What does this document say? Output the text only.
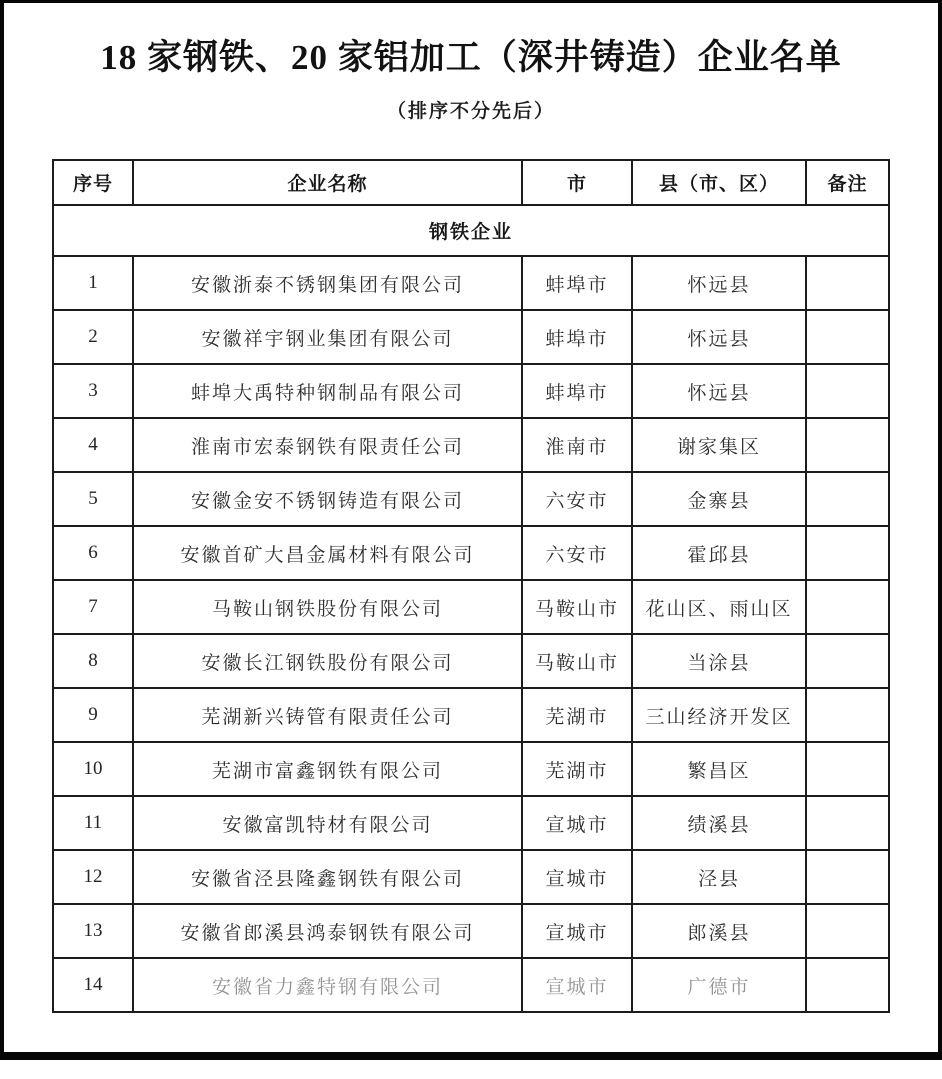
18 家钢铁、20 家铝加工（深井铸造）企业名单
（排序不分先后）
序号	企业名称	市	县（市、区）	备注
钢铁企业				
1	安徽浙泰不锈钢集团有限公司	蚌埠市	怀远县	
2	安徽祥宇钢业集团有限公司	蚌埠市	怀远县	
3	蚌埠大禹特种钢制品有限公司	蚌埠市	怀远县	
4	淮南市宏泰钢铁有限责任公司	淮南市	谢家集区	
5	安徽金安不锈钢铸造有限公司	六安市	金寨县	
6	安徽首矿大昌金属材料有限公司	六安市	霍邱县	
7	马鞍山钢铁股份有限公司	马鞍山市	花山区、雨山区	
8	安徽长江钢铁股份有限公司	马鞍山市	当涂县	
9	芜湖新兴铸管有限责任公司	芜湖市	三山经济开发区	
10	芜湖市富鑫钢铁有限公司	芜湖市	繁昌区	
11	安徽富凯特材有限公司	宣城市	绩溪县	
12	安徽省泾县隆鑫钢铁有限公司	宣城市	泾县	
13	安徽省郎溪县鸿泰钢铁有限公司	宣城市	郎溪县	
14	安徽省力鑫特钢有限公司	宣城市	广德市	
